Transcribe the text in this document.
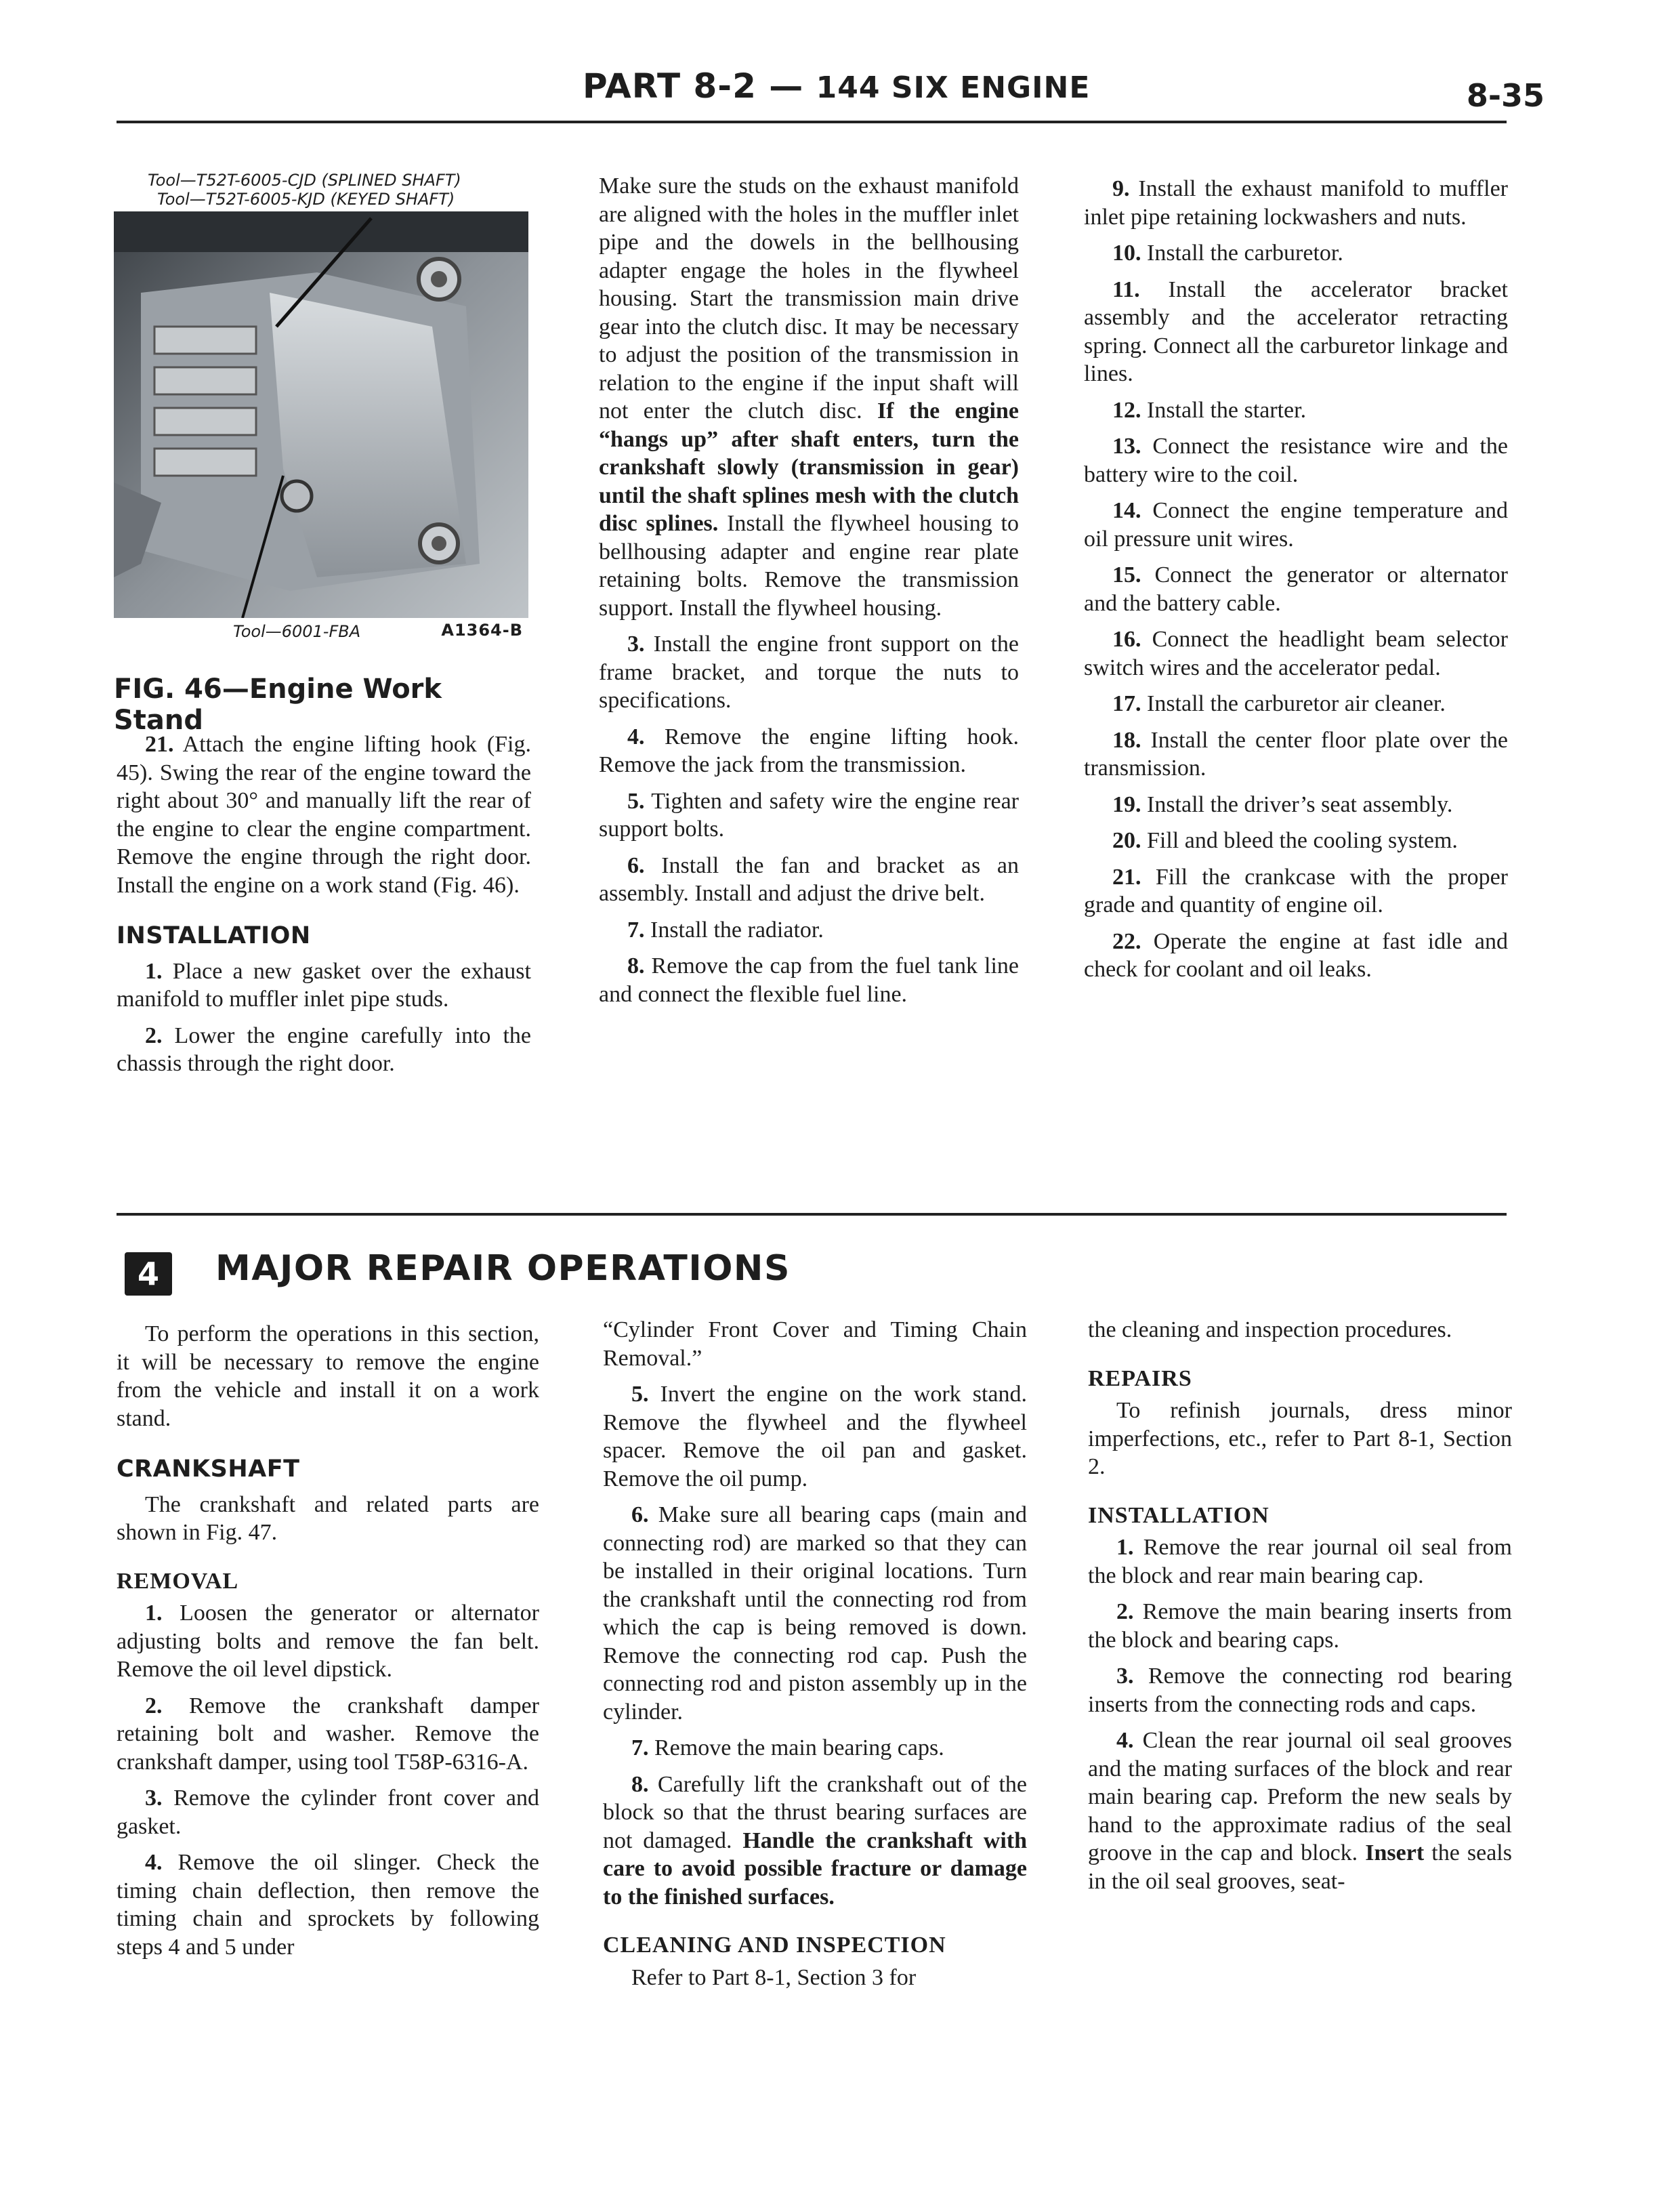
PART 8-2 — 144 SIX ENGINE	8-35
Tool—T52T-6005-CJD (SPLINED SHAFT)
Tool—T52T-6005-KJD (KEYED SHAFT)
Tool—6001-FBA	A1364-B
FIG. 46—Engine Work Stand

21. Attach the engine lifting hook (Fig. 45). Swing the rear of the engine toward the right about 30° and manually lift the rear of the engine to clear the engine compartment. Remove the engine through the right door. Install the engine on a work stand (Fig. 46).

INSTALLATION

1. Place a new gasket over the exhaust manifold to muffler inlet pipe studs.

2. Lower the engine carefully into the chassis through the right door.

Make sure the studs on the exhaust manifold are aligned with the holes in the muffler inlet pipe and the dowels in the bellhousing adapter engage the holes in the flywheel housing. Start the transmission main drive gear into the clutch disc. It may be necessary to adjust the position of the transmission in relation to the engine if the input shaft will not enter the clutch disc. If the engine “hangs up” after shaft enters, turn the crankshaft slowly (transmission in gear) until the shaft splines mesh with the clutch disc splines. Install the flywheel housing to bellhousing adapter and engine rear plate retaining bolts. Remove the transmission support. Install the flywheel housing.

3. Install the engine front support on the frame bracket, and torque the nuts to specifications.

4. Remove the engine lifting hook. Remove the jack from the transmission.

5. Tighten and safety wire the engine rear support bolts.

6. Install the fan and bracket as an assembly. Install and adjust the drive belt.

7. Install the radiator.

8. Remove the cap from the fuel tank line and connect the flexible fuel line.

9. Install the exhaust manifold to muffler inlet pipe retaining lockwashers and nuts.

10. Install the carburetor.

11. Install the accelerator bracket assembly and the accelerator retracting spring. Connect all the carburetor linkage and lines.

12. Install the starter.

13. Connect the resistance wire and the battery wire to the coil.

14. Connect the engine temperature and oil pressure unit wires.

15. Connect the generator or alternator and the battery cable.

16. Connect the headlight beam selector switch wires and the accelerator pedal.

17. Install the carburetor air cleaner.

18. Install the center floor plate over the transmission.

19. Install the driver’s seat assembly.

20. Fill and bleed the cooling system.

21. Fill the crankcase with the proper grade and quantity of engine oil.

22. Operate the engine at fast idle and check for coolant and oil leaks.

4	MAJOR REPAIR OPERATIONS

To perform the operations in this section, it will be necessary to remove the engine from the vehicle and install it on a work stand.

CRANKSHAFT

The crankshaft and related parts are shown in Fig. 47.

REMOVAL

1. Loosen the generator or alternator adjusting bolts and remove the fan belt. Remove the oil level dipstick.

2. Remove the crankshaft damper retaining bolt and washer. Remove the crankshaft damper, using tool T58P-6316-A.

3. Remove the cylinder front cover and gasket.

4. Remove the oil slinger. Check the timing chain deflection, then remove the timing chain and sprockets by following steps 4 and 5 under

“Cylinder Front Cover and Timing Chain Removal.”

5. Invert the engine on the work stand. Remove the flywheel and the flywheel spacer. Remove the oil pan and gasket. Remove the oil pump.

6. Make sure all bearing caps (main and connecting rod) are marked so that they can be installed in their original locations. Turn the crankshaft until the connecting rod from which the cap is being removed is down. Remove the connecting rod cap. Push the connecting rod and piston assembly up in the cylinder.

7. Remove the main bearing caps.

8. Carefully lift the crankshaft out of the block so that the thrust bearing surfaces are not damaged. Handle the crankshaft with care to avoid possible fracture or damage to the finished surfaces.

CLEANING AND INSPECTION

Refer to Part 8-1, Section 3 for

the cleaning and inspection procedures.

REPAIRS

To refinish journals, dress minor imperfections, etc., refer to Part 8-1, Section 2.

INSTALLATION

1. Remove the rear journal oil seal from the block and rear main bearing cap.

2. Remove the main bearing inserts from the block and bearing caps.

3. Remove the connecting rod bearing inserts from the connecting rods and caps.

4. Clean the rear journal oil seal grooves and the mating surfaces of the block and rear main bearing cap. Preform the new seals by hand to the approximate radius of the seal groove in the cap and block. Insert the seals in the oil seal grooves, seat-
